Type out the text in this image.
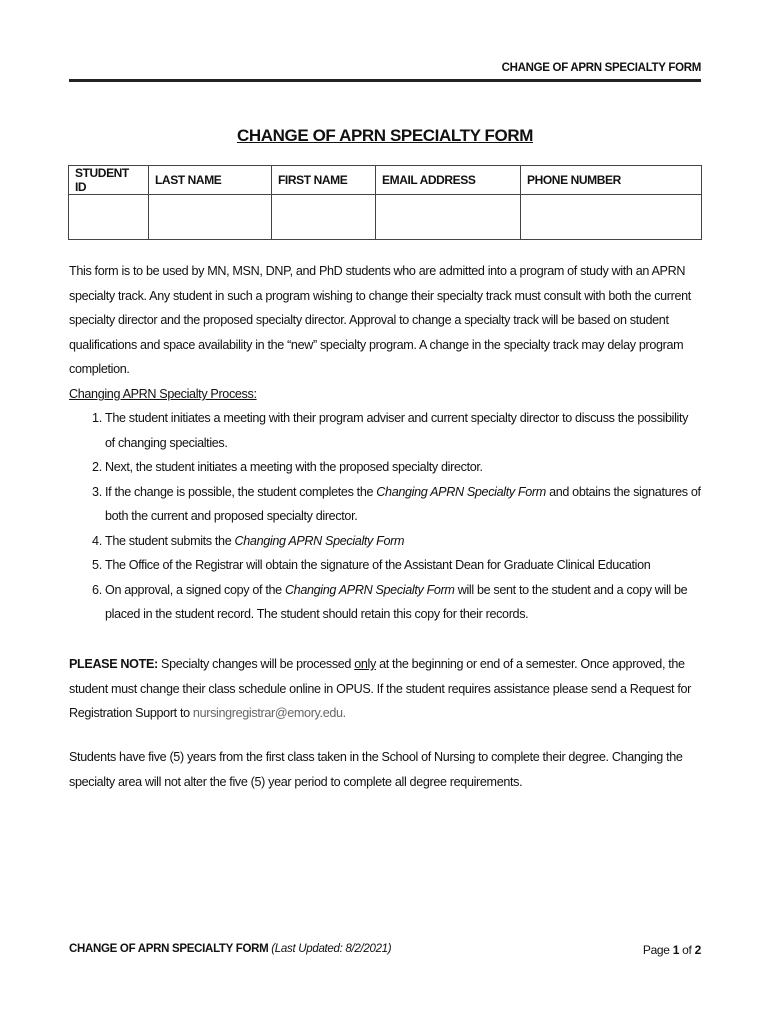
CHANGE OF APRN SPECIALTY FORM
CHANGE OF APRN SPECIALTY FORM
STUDENT ID	LAST NAME	FIRST NAME	EMAIL ADDRESS	PHONE NUMBER

This form is to be used by MN, MSN, DNP, and PhD students who are admitted into a program of study with an APRN specialty track. Any student in such a program wishing to change their specialty track must consult with both the current specialty director and the proposed specialty director. Approval to change a specialty track will be based on student qualifications and space availability in the “new” specialty program. A change in the specialty track may delay program completion.
Changing APRN Specialty Process:
1. The student initiates a meeting with their program adviser and current specialty director to discuss the possibility of changing specialties.
2. Next, the student initiates a meeting with the proposed specialty director.
3. If the change is possible, the student completes the Changing APRN Specialty Form and obtains the signatures of both the current and proposed specialty director.
4. The student submits the Changing APRN Specialty Form
5. The Office of the Registrar will obtain the signature of the Assistant Dean for Graduate Clinical Education
6. On approval, a signed copy of the Changing APRN Specialty Form will be sent to the student and a copy will be placed in the student record. The student should retain this copy for their records.
PLEASE NOTE: Specialty changes will be processed only at the beginning or end of a semester. Once approved, the student must change their class schedule online in OPUS. If the student requires assistance please send a Request for Registration Support to nursingregistrar@emory.edu.
Students have five (5) years from the first class taken in the School of Nursing to complete their degree. Changing the specialty area will not alter the five (5) year period to complete all degree requirements.
CHANGE OF APRN SPECIALTY FORM (Last Updated: 8/2/2021)	Page 1 of 2
